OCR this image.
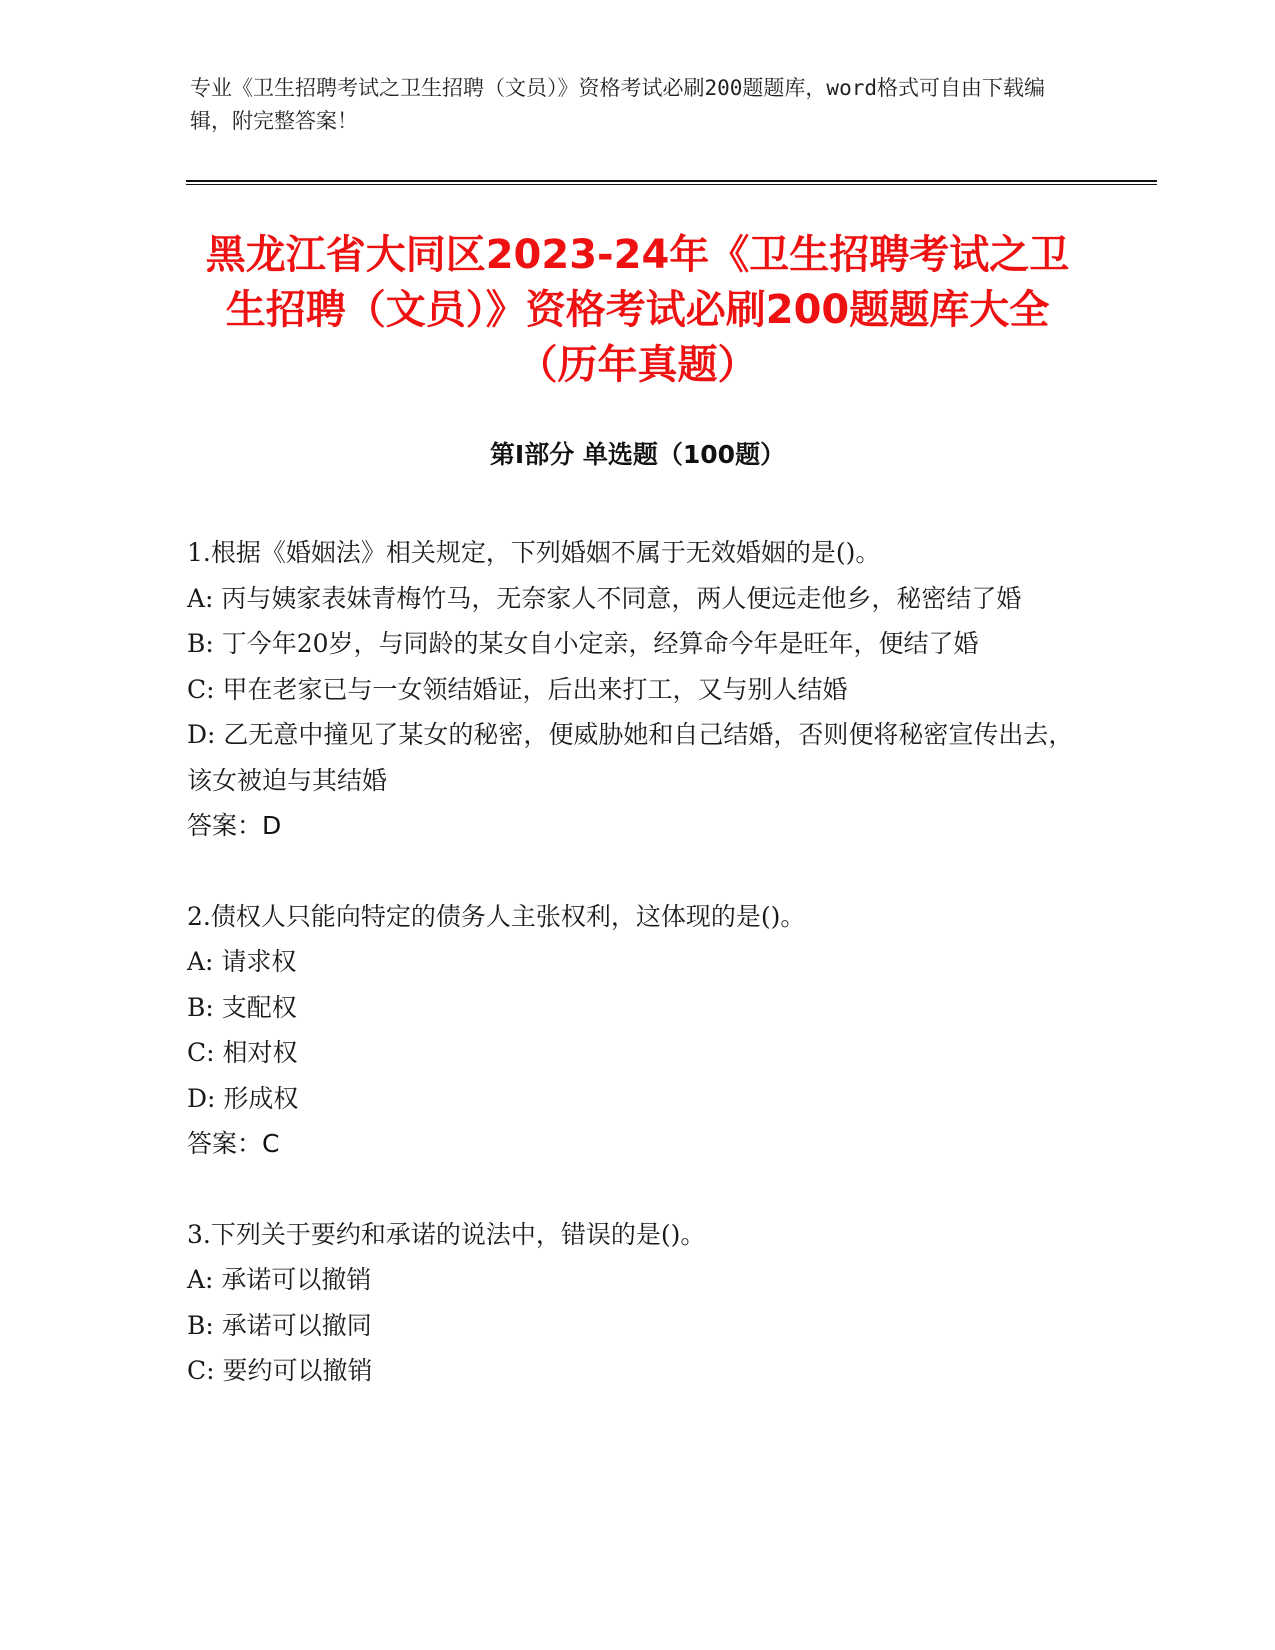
专业《卫生招聘考试之卫生招聘（文员）》资格考试必刷200题题库，word格式可自由下载编辑，附完整答案！
黑龙江省大同区2023-24年《卫生招聘考试之卫生招聘（文员）》资格考试必刷200题题库大全（历年真题）
第Ⅰ部分 单选题（100题）

1.根据《婚姻法》相关规定，下列婚姻不属于无效婚姻的是()。

A: 丙与姨家表妹青梅竹马，无奈家人不同意，两人便远走他乡，秘密结了婚

B: 丁今年20岁，与同龄的某女自小定亲，经算命今年是旺年，便结了婚

C: 甲在老家已与一女领结婚证，后出来打工，又与别人结婚

D: 乙无意中撞见了某女的秘密，便威胁她和自己结婚，否则便将秘密宣传出去，该女被迫与其结婚

答案：D

2.债权人只能向特定的债务人主张权利，这体现的是()。

A: 请求权

B: 支配权

C: 相对权

D: 形成权

答案：C

3.下列关于要约和承诺的说法中，错误的是()。

A: 承诺可以撤销

B: 承诺可以撤同

C: 要约可以撤销
